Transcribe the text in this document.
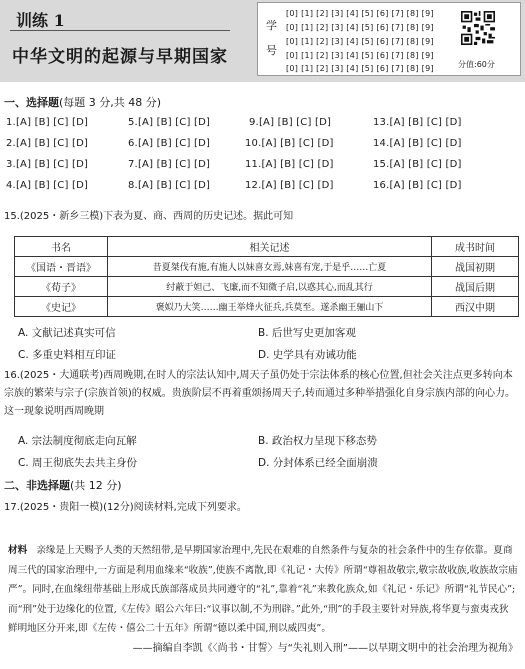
训练 1
中华文明的起源与早期国家
学号
[0] [1] [2] [3] [4] [5] [6] [7] [8] [9]
[0] [1] [2] [3] [4] [5] [6] [7] [8] [9]
[0] [1] [2] [3] [4] [5] [6] [7] [8] [9]
[0] [1] [2] [3] [4] [5] [6] [7] [8] [9]
[0] [1] [2] [3] [4] [5] [6] [7] [8] [9]	分值:60分
一、选择题(每题 3 分,共 48 分)
1.[A] [B] [C] [D]	5.[A] [B] [C] [D]	9.[A] [B] [C] [D]	13.[A] [B] [C] [D]
2.[A] [B] [C] [D]	6.[A] [B] [C] [D]	10.[A] [B] [C] [D]	14.[A] [B] [C] [D]
3.[A] [B] [C] [D]	7.[A] [B] [C] [D]	11.[A] [B] [C] [D]	15.[A] [B] [C] [D]
4.[A] [B] [C] [D]	8.[A] [B] [C] [D]	12.[A] [B] [C] [D]	16.[A] [B] [C] [D]
15.(2025・新乡三模)下表为夏、商、西周的历史记述。据此可知
书名	相关记述	成书时间
《国语・晋语》	昔夏桀伐有施,有施人以妹喜女焉,妹喜有宠,于是乎……亡夏	战国初期
《荀子》	纣蔽于妲己、飞廉,而不知微子启,以惑其心,而乱其行	战国后期
《史记》	褒姒乃大笑……幽王举烽火征兵,兵莫至。遂杀幽王骊山下	西汉中期
A. 文献记述真实可信	B. 后世写史更加客观
C. 多重史料相互印证	D. 史学具有劝诫功能
16.(2025・大通联考)西周晚期,在时人的宗法认知中,周天子虽仍处于宗法体系的核心位置,但社会关注点更多转向本宗族的繁荣与宗子(宗族首领)的权威。贵族阶层不再着重颂扬周天子,转而通过多种举措强化自身宗族内部的向心力。这一现象说明西周晚期
A. 宗法制度彻底走向瓦解	B. 政治权力呈现下移态势
C. 周王彻底失去共主身份	D. 分封体系已经全面崩溃
二、非选择题(共 12 分)
17.(2025・贵阳一模)(12分)阅读材料,完成下列要求。
材料 亲缘是上天赐予人类的天然纽带,是早期国家治理中,先民在艰难的自然条件与复杂的社会条件中的生存依靠。夏商周三代的国家治理中,一方面是利用血缘来“收族”,使族不离散,即《礼记・大传》所谓“尊祖故敬宗,敬宗故收族,收族故宗庙严”。同时,在血缘纽带基础上形成氏族部落成员共同遵守的“礼”,靠着“礼”来教化族众,如《礼记・乐记》所谓“礼节民心”;而“刑”处于边缘化的位置,《左传》昭公六年曰:“议事以制,不为刑辟。”此外,“刑”的手段主要针对异族,将华夏与蛮夷戎狄鲜明地区分开来,即《左传・僖公二十五年》所谓“德以柔中国,刑以威四夷”。
——摘编自李凯《〈尚书・甘誓〉与“失礼则入刑”——以早期文明中的社会治理为视角》
